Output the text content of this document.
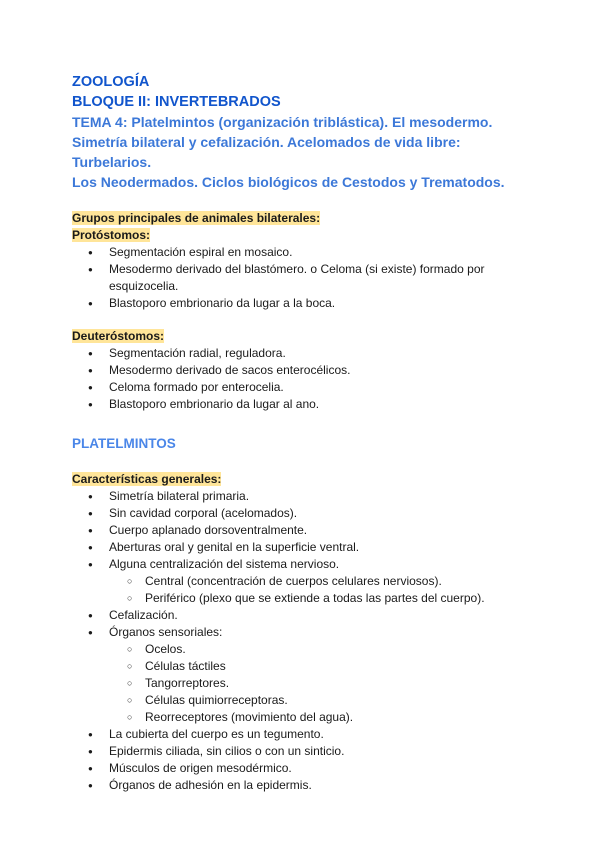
ZOOLOGÍA

BLOQUE II: INVERTEBRADOS

TEMA 4: Platelmintos (organización triblástica). El mesodermo.

Simetría bilateral y cefalización. Acelomados de vida libre: Turbelarios.

Los Neodermados. Ciclos biológicos de Cestodos y Trematodos.

Grupos principales de animales bilaterales:

Protóstomos:

● Segmentación espiral en mosaico.
● Mesodermo derivado del blastómero. o Celoma (si existe) formado por
esquizocelia.
● Blastoporo embrionario da lugar a la boca.

Deuteróstomos:

● Segmentación radial, reguladora.
● Mesodermo derivado de sacos enterocélicos.
● Celoma formado por enterocelia.
● Blastoporo embrionario da lugar al ano.

PLATELMINTOS

Características generales:

● Simetría bilateral primaria.
● Sin cavidad corporal (acelomados).
● Cuerpo aplanado dorsoventralmente.
● Aberturas oral y genital en la superficie ventral.
● Alguna centralización del sistema nervioso.
○ Central (concentración de cuerpos celulares nerviosos).
○ Periférico (plexo que se extiende a todas las partes del cuerpo).
● Cefalización.
● Órganos sensoriales:
○ Ocelos.
○ Células táctiles
○ Tangorreptores.
○ Células quimiorreceptoras.
○ Reorreceptores (movimiento del agua).
● La cubierta del cuerpo es un tegumento.
● Epidermis ciliada, sin cilios o con un sinticio.
● Músculos de origen mesodérmico.
● Órganos de adhesión en la epidermis.
